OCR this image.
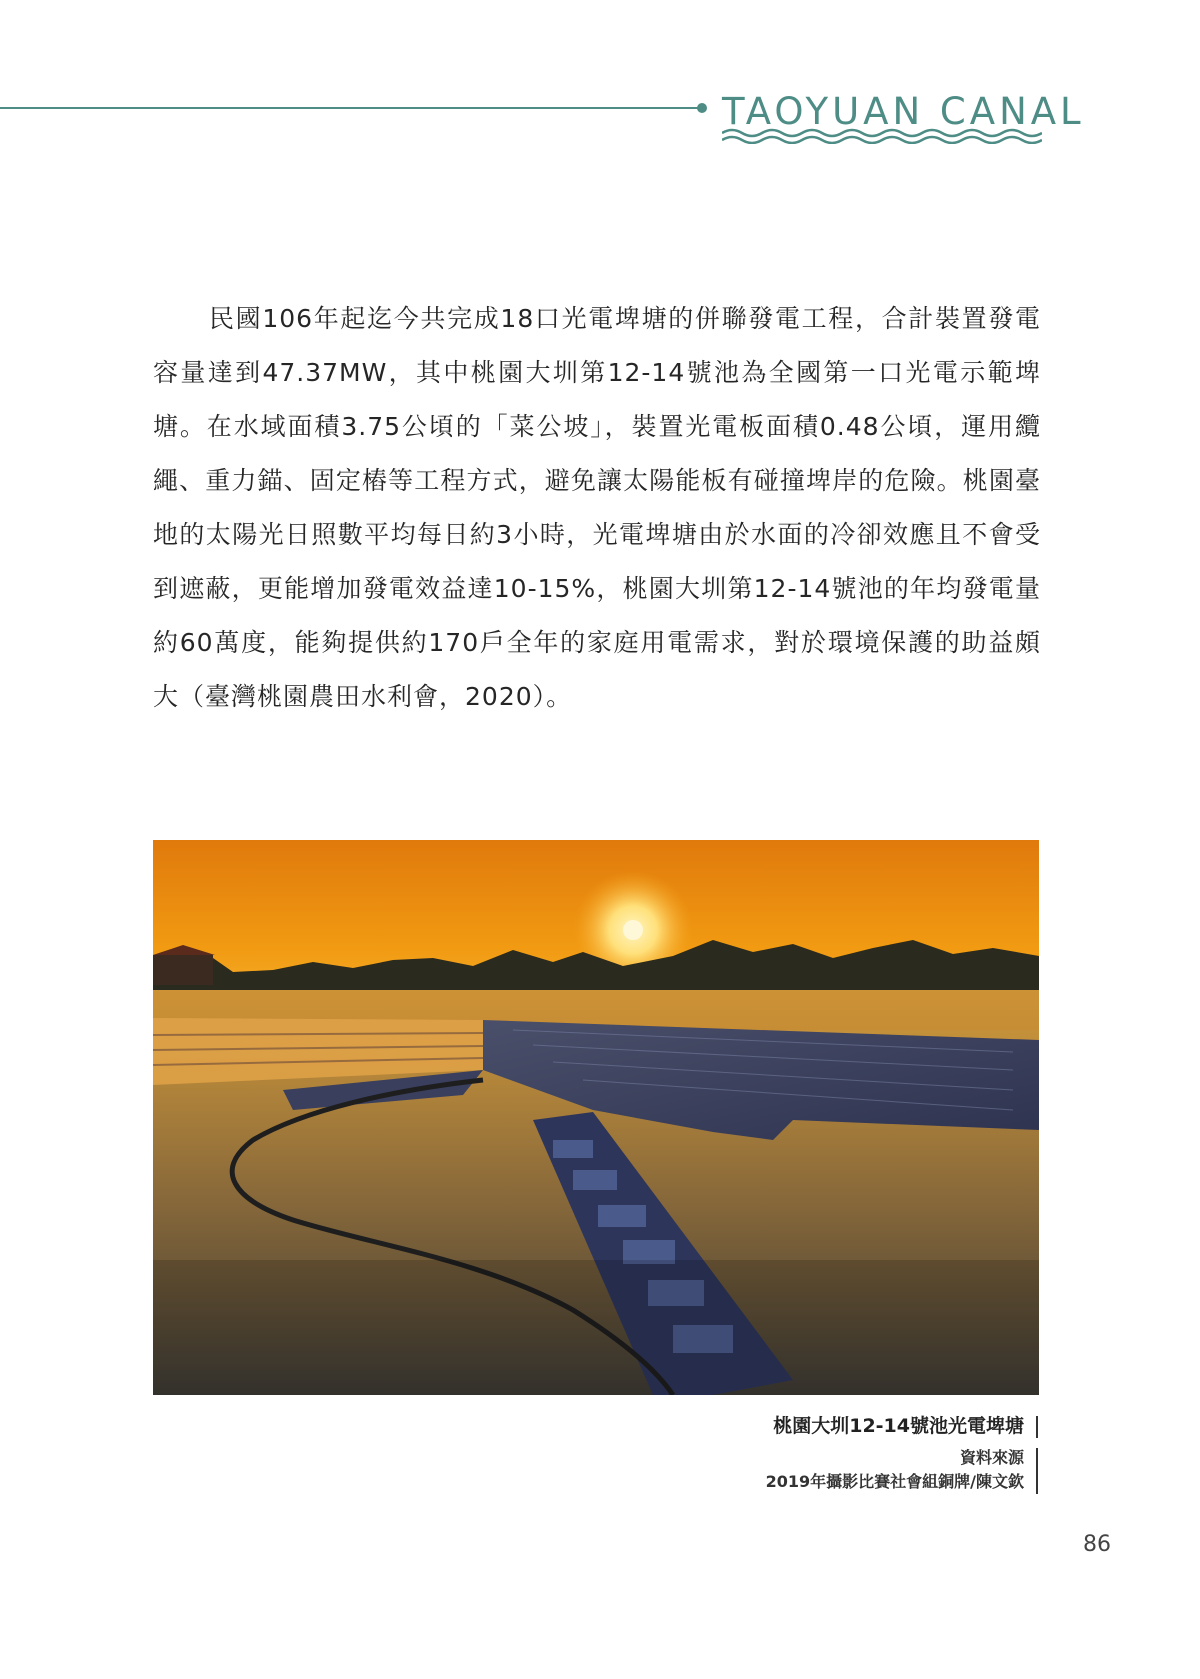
TAOYUAN CANAL

民國106年起迄今共完成18口光電埤塘的併聯發電工程，合計裝置發電容量達到47.37MW，其中桃園大圳第12-14號池為全國第一口光電示範埤塘。在水域面積3.75公頃的「菜公坡」，裝置光電板面積0.48公頃，運用纜繩、重力錨、固定樁等工程方式，避免讓太陽能板有碰撞埤岸的危險。桃園臺地的太陽光日照數平均每日約3小時，光電埤塘由於水面的冷卻效應且不會受到遮蔽，更能增加發電效益達10-15%，桃園大圳第12-14號池的年均發電量約60萬度，能夠提供約170戶全年的家庭用電需求，對於環境保護的助益頗大（臺灣桃園農田水利會，2020）。

桃園大圳12-14號池光電埤塘
資料來源
2019年攝影比賽社會組銅牌/陳文欽
86
